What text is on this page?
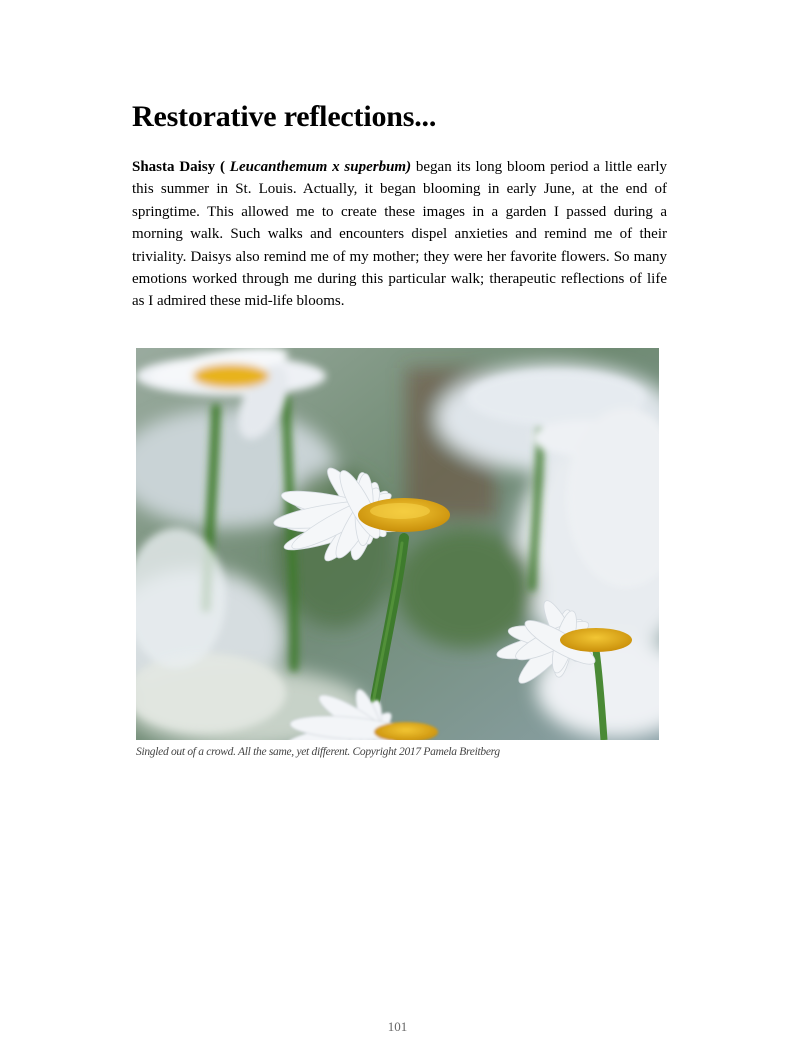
Restorative reflections...

Shasta Daisy ( Leucanthemum x superbum) began its long bloom period a little early this summer in St. Louis. Actually, it began blooming in early June, at the end of springtime. This allowed me to create these images in a garden I passed during a morning walk. Such walks and encounters dispel anxieties and remind me of their triviality. Daisys also remind me of my mother; they were her favorite flowers. So many emotions worked through me during this particular walk; therapeutic reflections of life as I admired these mid-life blooms.

Singled out of a crowd. All the same, yet different. Copyright 2017 Pamela Breitberg

101
